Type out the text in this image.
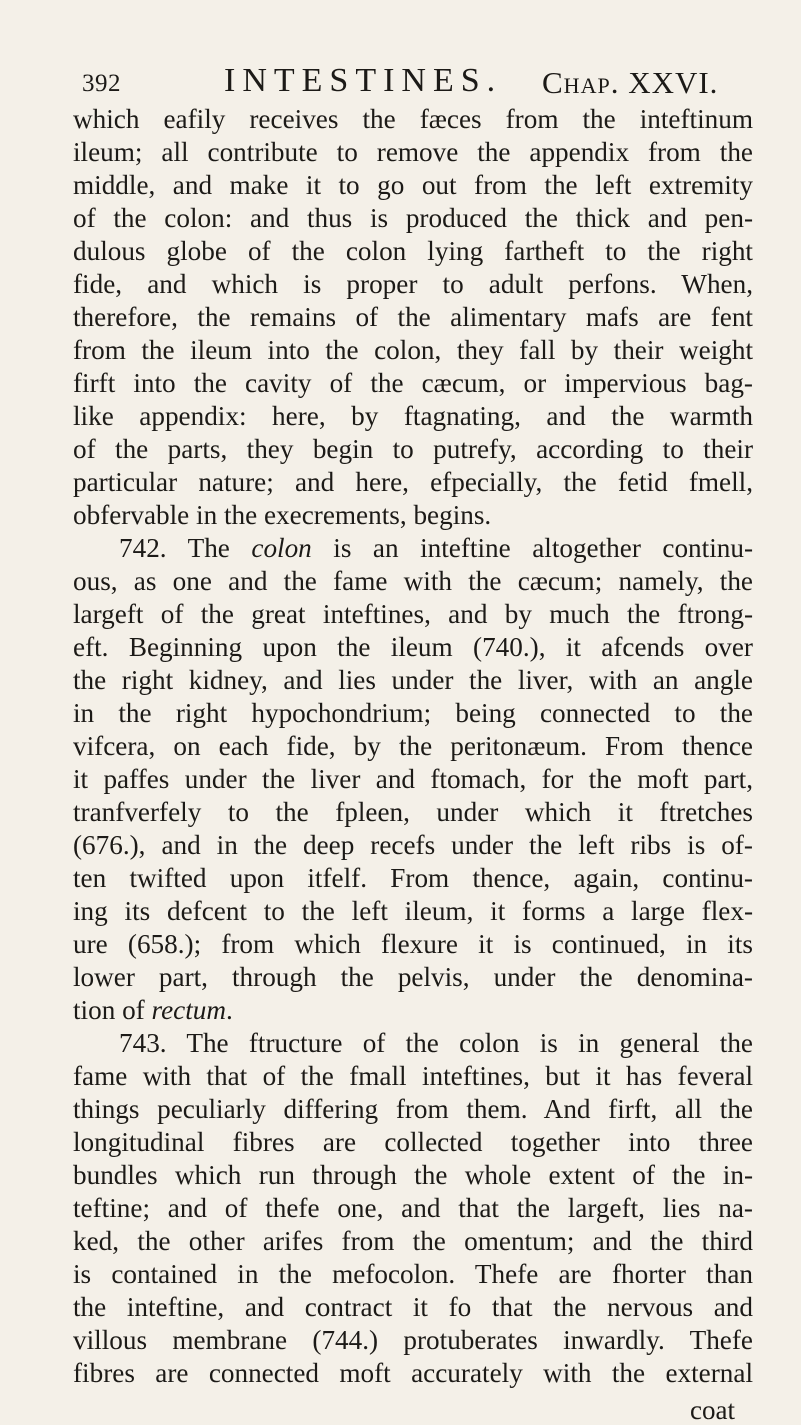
392	INTESTINES. Chap. XXVI.
which eafily receives the fæces from the inteftinum
ileum; all contribute to remove the appendix from the
middle, and make it to go out from the left extremity
of the colon: and thus is produced the thick and pen-
dulous globe of the colon lying fartheft to the right
fide, and which is proper to adult perfons. When,
therefore, the remains of the alimentary mafs are fent
from the ileum into the colon, they fall by their weight
firft into the cavity of the cæcum, or impervious bag-
like appendix: here, by ftagnating, and the warmth
of the parts, they begin to putrefy, according to their
particular nature; and here, efpecially, the fetid fmell,
obfervable in the execrements, begins.
742. The colon is an inteftine altogether continu-
ous, as one and the fame with the cæcum; namely, the
largeft of the great inteftines, and by much the ftrong-
eft. Beginning upon the ileum (740.), it afcends over
the right kidney, and lies under the liver, with an angle
in the right hypochondrium; being connected to the
vifcera, on each fide, by the peritonæum. From thence
it paffes under the liver and ftomach, for the moft part,
tranfverfely to the fpleen, under which it ftretches
(676.), and in the deep recefs under the left ribs is of-
ten twifted upon itfelf. From thence, again, continu-
ing its defcent to the left ileum, it forms a large flex-
ure (658.); from which flexure it is continued, in its
lower part, through the pelvis, under the denomina-
tion of rectum.
743. The ftructure of the colon is in general the
fame with that of the fmall inteftines, but it has feveral
things peculiarly differing from them. And firft, all the
longitudinal fibres are collected together into three
bundles which run through the whole extent of the in-
teftine; and of thefe one, and that the largeft, lies na-
ked, the other arifes from the omentum; and the third
is contained in the mefocolon. Thefe are fhorter than
the inteftine, and contract it fo that the nervous and
villous membrane (744.) protuberates inwardly. Thefe
fibres are connected moft accurately with the external
coat
